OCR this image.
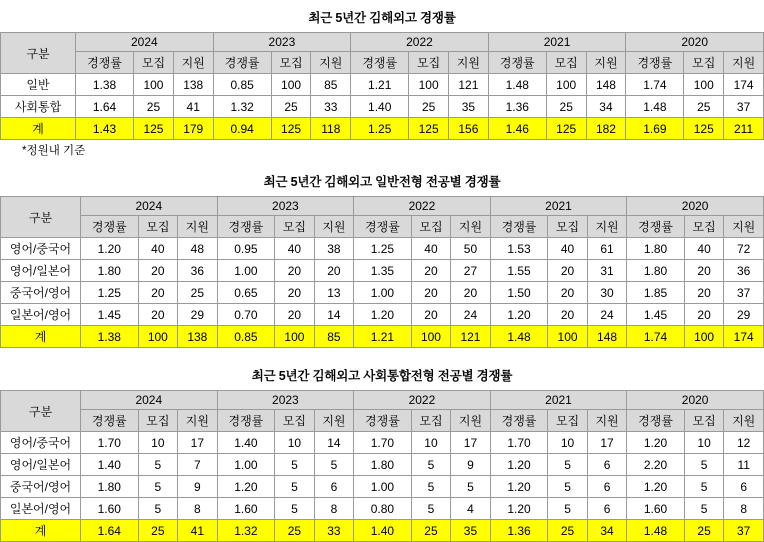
최근 5년간 김해외고 경쟁률
구분	2024			2023			2022			2021			2020		
	경쟁률	모집	지원	경쟁률	모집	지원	경쟁률	모집	지원	경쟁률	모집	지원	경쟁률	모집	지원
일반	1.38	100	138	0.85	100	85	1.21	100	121	1.48	100	148	1.74	100	174
사회통합	1.64	25	41	1.32	25	33	1.40	25	35	1.36	25	34	1.48	25	37
계	1.43	125	179	0.94	125	118	1.25	125	156	1.46	125	182	1.69	125	211
*정원내 기준
최근 5년간 김해외고 일반전형 전공별 경쟁률
구분	2024			2023			2022			2021			2020		
	경쟁률	모집	지원	경쟁률	모집	지원	경쟁률	모집	지원	경쟁률	모집	지원	경쟁률	모집	지원
영어/중국어	1.20	40	48	0.95	40	38	1.25	40	50	1.53	40	61	1.80	40	72
영어/일본어	1.80	20	36	1.00	20	20	1.35	20	27	1.55	20	31	1.80	20	36
중국어/영어	1.25	20	25	0.65	20	13	1.00	20	20	1.50	20	30	1.85	20	37
일본어/영어	1.45	20	29	0.70	20	14	1.20	20	24	1.20	20	24	1.45	20	29
계	1.38	100	138	0.85	100	85	1.21	100	121	1.48	100	148	1.74	100	174
최근 5년간 김해외고 사회통합전형 전공별 경쟁률
구분	2024			2023			2022			2021			2020		
	경쟁률	모집	지원	경쟁률	모집	지원	경쟁률	모집	지원	경쟁률	모집	지원	경쟁률	모집	지원
영어/중국어	1.70	10	17	1.40	10	14	1.70	10	17	1.70	10	17	1.20	10	12
영어/일본어	1.40	5	7	1.00	5	5	1.80	5	9	1.20	5	6	2.20	5	11
중국어/영어	1.80	5	9	1.20	5	6	1.00	5	5	1.20	5	6	1.20	5	6
일본어/영어	1.60	5	8	1.60	5	8	0.80	5	4	1.20	5	6	1.60	5	8
계	1.64	25	41	1.32	25	33	1.40	25	35	1.36	25	34	1.48	25	37
